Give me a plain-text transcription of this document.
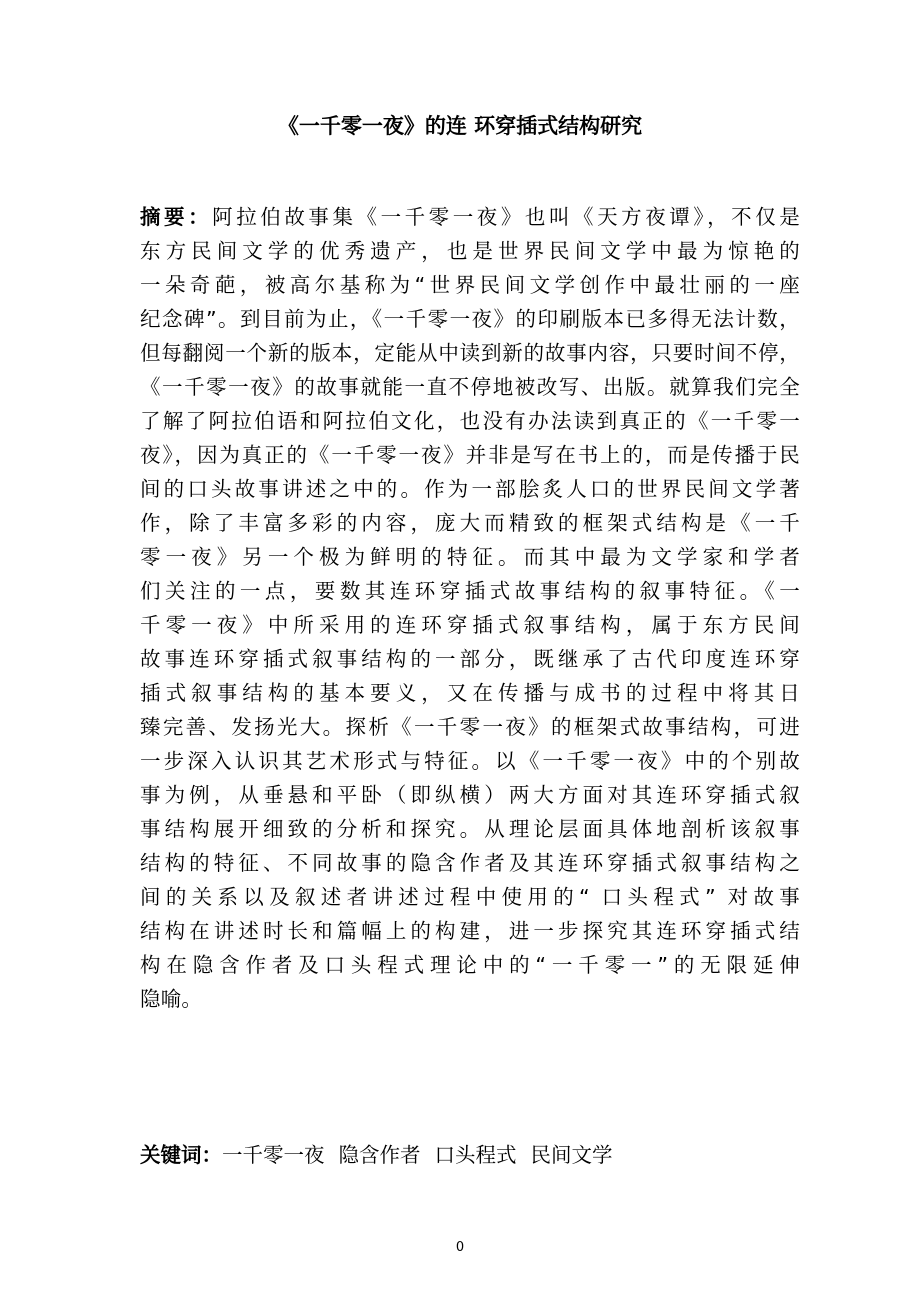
《一千零一夜》的连 环穿插式结构研究
摘要：阿拉伯故事集《一千零一夜》也叫《天方夜谭》，不仅是
东方民间文学的优秀遗产，也是世界民间文学中最为惊艳的
一朵奇葩，被高尔基称为“世界民间文学创作中最壮丽的一座
纪念碑”。到目前为止，《一千零一夜》的印刷版本已多得无法计数，
但每翻阅一个新的版本，定能从中读到新的故事内容，只要时间不停，
《一千零一夜》的故事就能一直不停地被改写、出版。就算我们完全
了解了阿拉伯语和阿拉伯文化，也没有办法读到真正的《一千零一
夜》，因为真正的《一千零一夜》并非是写在书上的，而是传播于民
间的口头故事讲述之中的。作为一部脍炙人口的世界民间文学著
作，除了丰富多彩的内容，庞大而精致的框架式结构是《一千
零一夜》另一个极为鲜明的特征。而其中最为文学家和学者
们关注的一点，要数其连环穿插式故事结构的叙事特征。《一
千零一夜》中所采用的连环穿插式叙事结构，属于东方民间
故事连环穿插式叙事结构的一部分，既继承了古代印度连环穿
插式叙事结构的基本要义，又在传播与成书的过程中将其日
臻完善、发扬光大。探析《一千零一夜》的框架式故事结构，可进
一步深入认识其艺术形式与特征。以《一千零一夜》中的个别故
事为例，从垂悬和平卧（即纵横）两大方面对其连环穿插式叙
事结构展开细致的分析和探究。从理论层面具体地剖析该叙事
结构的特征、不同故事的隐含作者及其连环穿插式叙事结构之
间的关系以及叙述者讲述过程中使用的“ 口头程式” 对故事
结构在讲述时长和篇幅上的构建，进一步探究其连环穿插式结
构在隐含作者及口头程式理论中的“一千零一”的无限延伸
隐喻。
关键词：一千零一夜 隐含作者 口头程式 民间文学
0
